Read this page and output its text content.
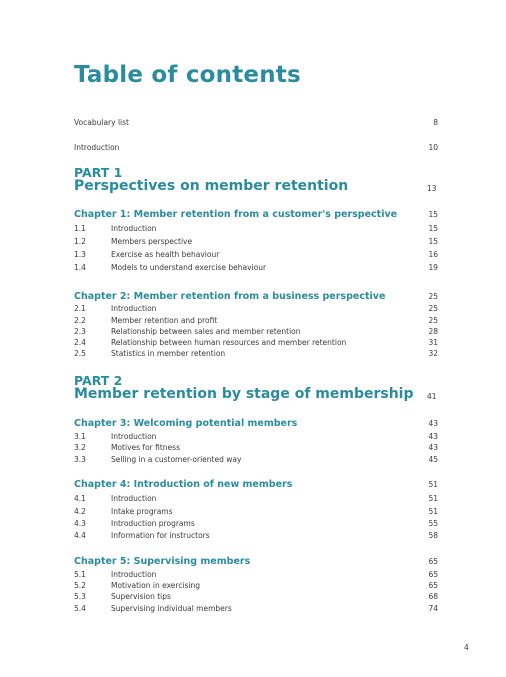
Table of contents
Vocabulary list	8
Introduction	10
PART 1
Perspectives on member retention	13
Chapter 1: Member retention from a customer's perspective	15
1.1	Introduction	15
1.2	Members perspective	15
1.3	Exercise as health behaviour	16
1.4	Models to understand exercise behaviour	19
Chapter 2: Member retention from a business perspective	25
2.1	Introduction	25
2.2	Member retention and profit	25
2.3	Relationship between sales and member retention	28
2.4	Relationship between human resources and member retention	31
2.5	Statistics in member retention	32
PART 2
Member retention by stage of membership 41
Chapter 3: Welcoming potential members	43
3.1	Introduction	43
3.2	Motives for fitness	43
3.3	Selling in a customer-oriented way	45
Chapter 4: Introduction of new members	51
4.1	Introduction	51
4.2	Intake programs	51
4.3	Introduction programs	55
4.4	Information for instructors	58
Chapter 5: Supervising members	65
5.1	Introduction	65
5.2	Motivation in exercising	65
5.3	Supervision tips	68
5.4	Supervising individual members	74
4
